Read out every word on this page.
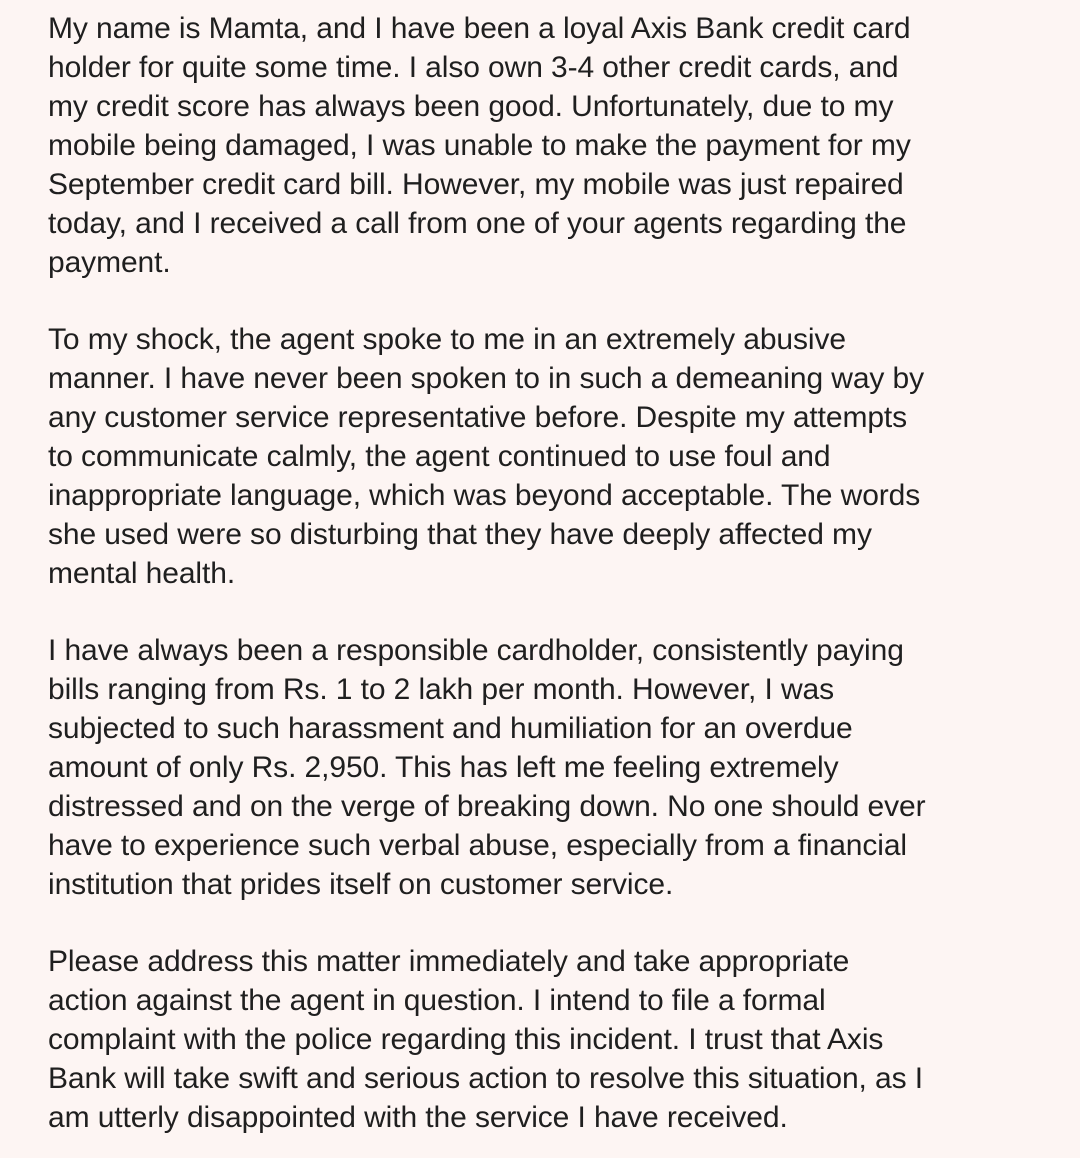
My name is Mamta, and I have been a loyal Axis Bank credit card
holder for quite some time. I also own 3-4 other credit cards, and
my credit score has always been good. Unfortunately, due to my
mobile being damaged, I was unable to make the payment for my
September credit card bill. However, my mobile was just repaired
today, and I received a call from one of your agents regarding the
payment.

To my shock, the agent spoke to me in an extremely abusive
manner. I have never been spoken to in such a demeaning way by
any customer service representative before. Despite my attempts
to communicate calmly, the agent continued to use foul and
inappropriate language, which was beyond acceptable. The words
she used were so disturbing that they have deeply affected my
mental health.

I have always been a responsible cardholder, consistently paying
bills ranging from Rs. 1 to 2 lakh per month. However, I was
subjected to such harassment and humiliation for an overdue
amount of only Rs. 2,950. This has left me feeling extremely
distressed and on the verge of breaking down. No one should ever
have to experience such verbal abuse, especially from a financial
institution that prides itself on customer service.

Please address this matter immediately and take appropriate
action against the agent in question. I intend to file a formal
complaint with the police regarding this incident. I trust that Axis
Bank will take swift and serious action to resolve this situation, as I
am utterly disappointed with the service I have received.
